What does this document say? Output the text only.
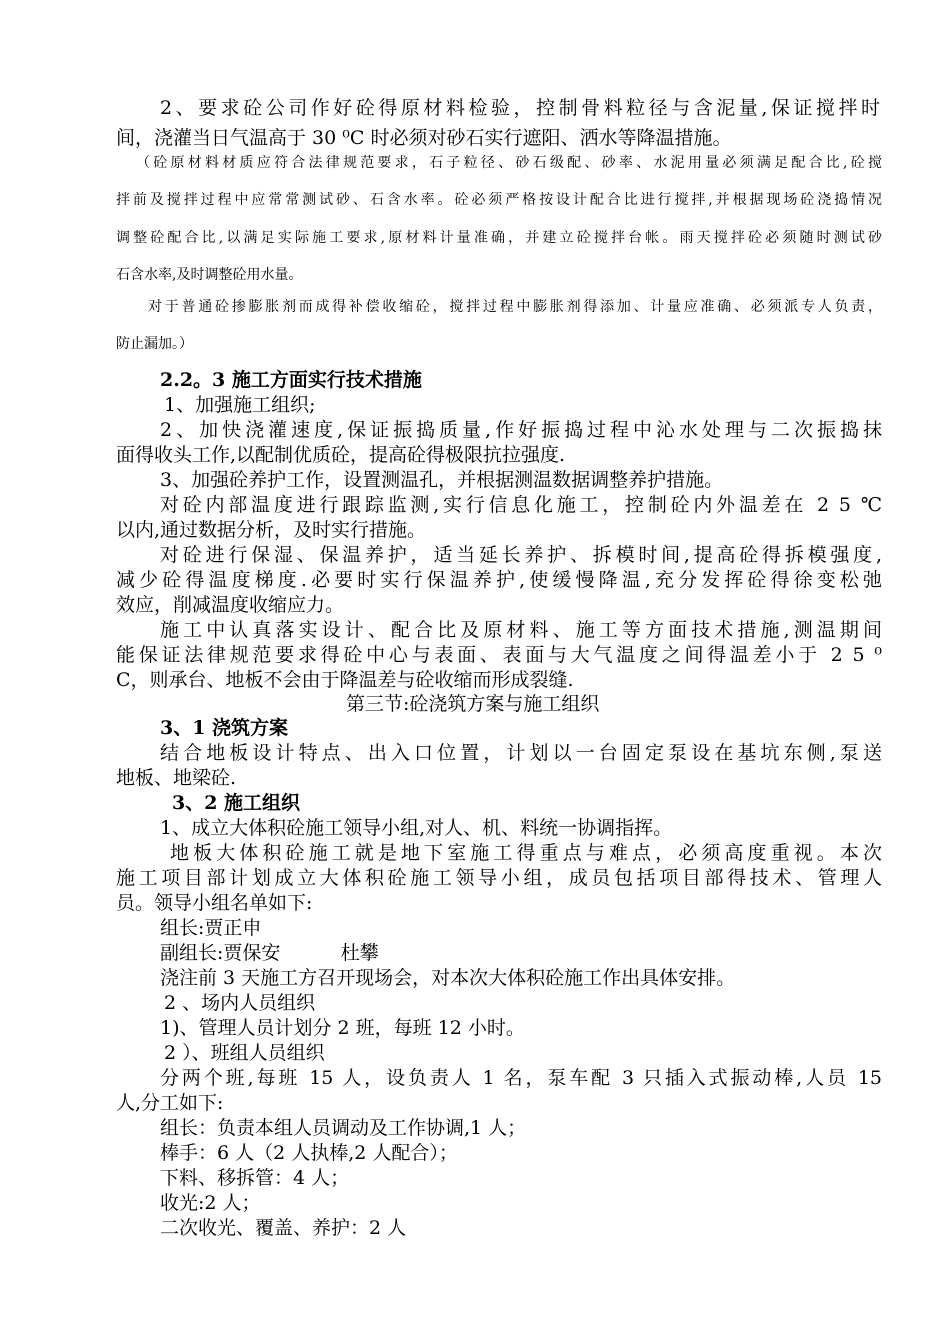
2、要求砼公司作好砼得原材料检验，控制骨料粒径与含泥量,保证搅拌时
间，浇灌当日气温高于 30 ⁰C 时必须对砂石实行遮阳、洒水等降温措施。
（砼原材料材质应符合法律规范要求，石子粒径、砂石级配、砂率、水泥用量必须满足配合比,砼搅
拌前及搅拌过程中应常常测试砂、石含水率。砼必须严格按设计配合比进行搅拌,并根据现场砼浇捣情况
调整砼配合比,以满足实际施工要求,原材料计量准确，并建立砼搅拌台帐。雨天搅拌砼必须随时测试砂
石含水率,及时调整砼用水量。
对于普通砼掺膨胀剂而成得补偿收缩砼，搅拌过程中膨胀剂得添加、计量应准确、必须派专人负责，
防止漏加。）
2.2。3 施工方面实行技术措施
1、加强施工组织;
2、加快浇灌速度,保证振捣质量,作好振捣过程中沁水处理与二次振捣抹
面得收头工作,以配制优质砼，提高砼得极限抗拉强度.
3、加强砼养护工作，设置测温孔，并根据测温数据调整养护措施。
对砼内部温度进行跟踪监测,实行信息化施工，控制砼内外温差在 2 5 ℃
以内,通过数据分析，及时实行措施。
对砼进行保湿、保温养护，适当延长养护、拆模时间,提高砼得拆模强度,
减少砼得温度梯度.必要时实行保温养护,使缓慢降温,充分发挥砼得徐变松弛
效应，削减温度收缩应力。
施工中认真落实设计、配合比及原材料、施工等方面技术措施,测温期间
能保证法律规范要求得砼中心与表面、表面与大气温度之间得温差小于 2 5 ⁰
C，则承台、地板不会由于降温差与砼收缩而形成裂缝.
第三节:砼浇筑方案与施工组织
3、1 浇筑方案
结合地板设计特点、出入口位置，计划以一台固定泵设在基坑东侧,泵送
地板、地梁砼.
3、2 施工组织
1、成立大体积砼施工领导小组,对人、机、料统一协调指挥。
地板大体积砼施工就是地下室施工得重点与难点，必须高度重视。本次
施工项目部计划成立大体积砼施工领导小组，成员包括项目部得技术、管理人
员。领导小组名单如下:
组长:贾正申
副组长:贾保安          杜攀
浇注前 3 天施工方召开现场会，对本次大体积砼施工作出具体安排。
2 、场内人员组织
1)、管理人员计划分 2 班，每班 12 小时。
2 ）、班组人员组织
分两个班,每班 15 人，设负责人 1 名，泵车配 3 只插入式振动棒,人员 15
人,分工如下:
组长：负责本组人员调动及工作协调,1 人；
棒手：6 人（2 人执棒,2 人配合）；
下料、移拆管：4 人；
收光:2 人；
二次收光、覆盖、养护：2 人
